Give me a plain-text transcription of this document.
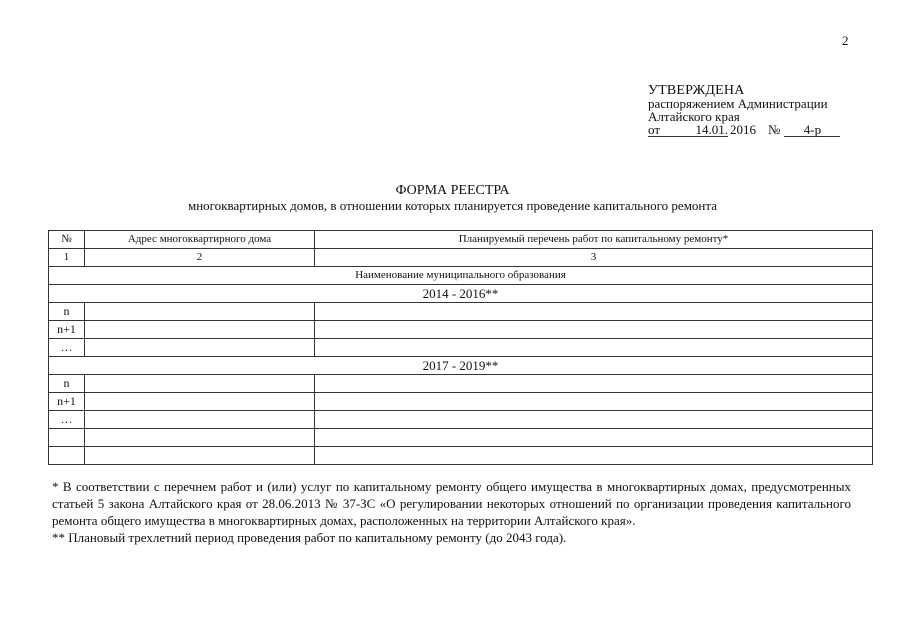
2
УТВЕРЖДЕНА
распоряжением Администрации
Алтайского края
от	14.01. 2016 №	4-р
ФОРМА РЕЕСТРА
многоквартирных домов, в отношении которых планируется проведение капитального ремонта
№	Адрес многоквартирного дома	Планируемый перечень работ по капитальному ремонту*
1	2	3
Наименование муниципального образования		
2014 - 2016**		
n		
n+1		
…		
2017 - 2019**		
n		
n+1		
…		

* В соответствии с перечнем работ и (или) услуг по капитальному ремонту общего имущества в многоквартирных домах, предусмотренных статьей 5 закона Алтайского края от 28.06.2013 № 37-ЗС «О регулировании некоторых отношений по организации проведения капитального ремонта общего имущества в многоквартирных домах, расположенных на территории Алтайского края».

** Плановый трехлетний период проведения работ по капитальному ремонту (до 2043 года).
